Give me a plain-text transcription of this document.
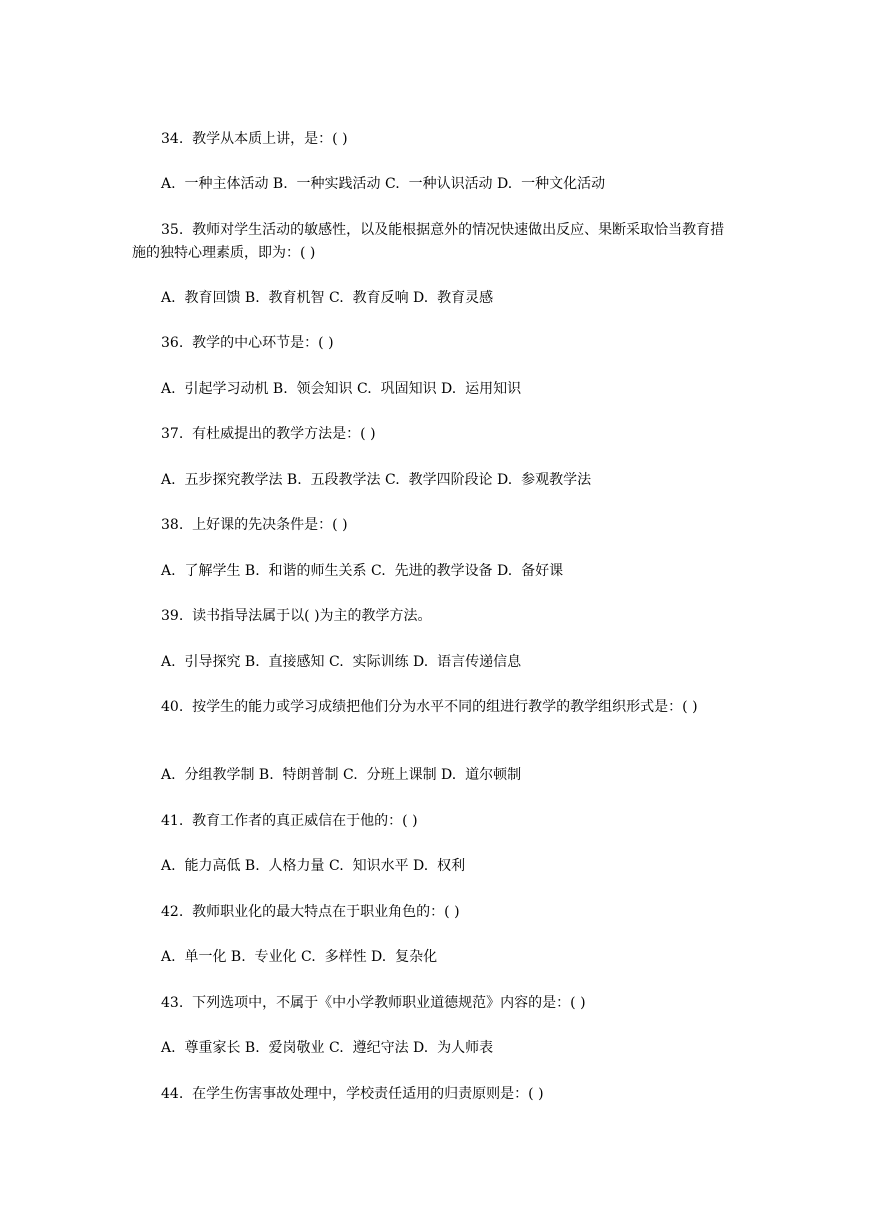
34.  教学从本质上讲，是：( )

A.  一种主体活动 B.  一种实践活动 C.  一种认识活动 D.  一种文化活动

35.  教师对学生活动的敏感性，以及能根据意外的情况快速做出反应、果断采取恰当教育措施的独特心理素质，即为：( )

A.  教育回馈 B.  教育机智 C.  教育反响 D.  教育灵感

36.  教学的中心环节是：( )

A.  引起学习动机 B.  领会知识 C.  巩固知识 D.  运用知识

37.  有杜威提出的教学方法是：( )

A.  五步探究教学法 B.  五段教学法 C.  教学四阶段论 D.  参观教学法

38.  上好课的先决条件是：( )

A.  了解学生 B.  和谐的师生关系 C.  先进的教学设备 D.  备好课

39.  读书指导法属于以( )为主的教学方法。

A.  引导探究 B.  直接感知 C.  实际训练 D.  语言传递信息

40.  按学生的能力或学习成绩把他们分为水平不同的组进行教学的教学组织形式是：( )

A.  分组教学制 B.  特朗普制 C.  分班上课制 D.  道尔顿制

41.  教育工作者的真正威信在于他的：( )

A.  能力高低 B.  人格力量 C.  知识水平 D.  权利

42.  教师职业化的最大特点在于职业角色的：( )

A.  单一化 B.  专业化 C.  多样性 D.  复杂化

43.  下列选项中，不属于《中小学教师职业道德规范》内容的是：( )

A.  尊重家长 B.  爱岗敬业 C.  遵纪守法 D.  为人师表

44.  在学生伤害事故处理中，学校责任适用的归责原则是：( )
